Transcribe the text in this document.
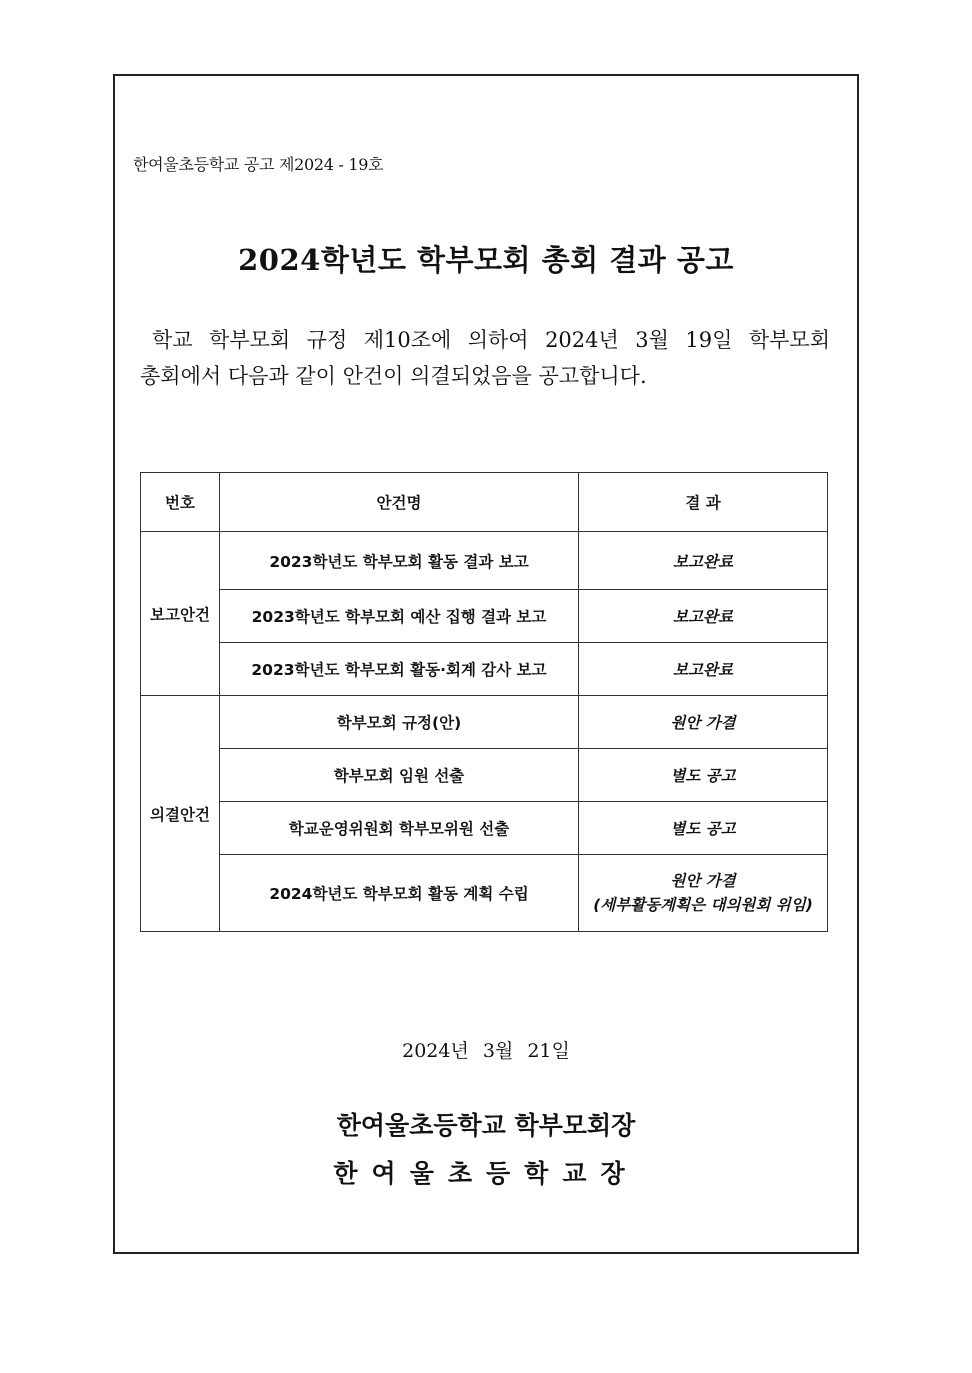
한여울초등학교 공고 제2024 - 19호
2024학년도 학부모회 총회 결과 공고
학교 학부모회 규정 제10조에 의하여 2024년 3월 19일 학부모회
총회에서 다음과 같이 안건이 의결되었음을 공고합니다.
번호	안건명	결 과
보고안건	2023학년도 학부모회 활동 결과 보고	보고완료
	2023학년도 학부모회 예산 집행 결과 보고	보고완료
	2023학년도 학부모회 활동·회계 감사 보고	보고완료
의결안건	학부모회 규정(안)	원안 가결
	학부모회 임원 선출	별도 공고
	학교운영위원회 학부모위원 선출	별도 공고
	2024학년도 학부모회 활동 계획 수립	원안 가결
(세부활동계획은 대의원회 위임)
2024년 3월 21일
한여울초등학교 학부모회장
한여울초등학교장
